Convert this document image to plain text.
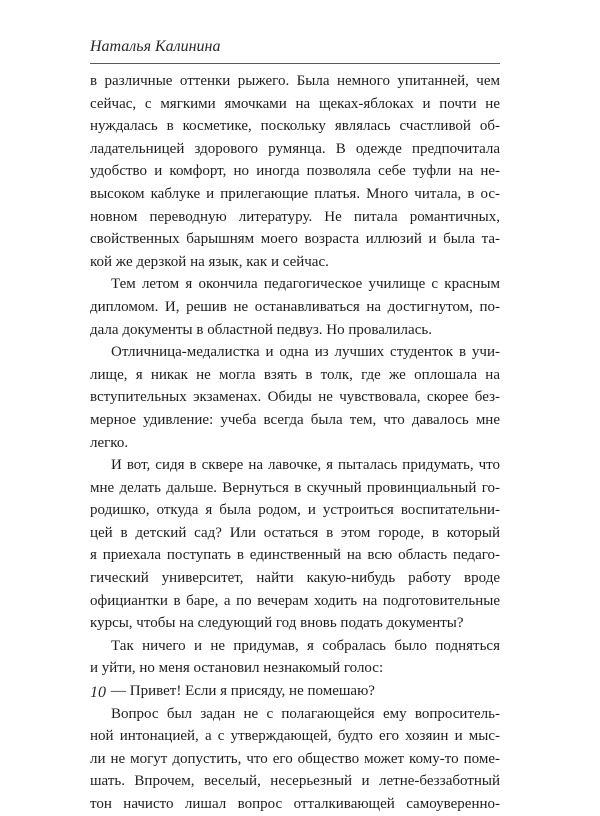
Наталья Калинина
в различные оттенки рыжего. Была немного упитанней, чем
сейчас, с мягкими ямочками на щеках-яблоках и почти не
нуждалась в косметике, поскольку являлась счастливой об-
ладательницей здорового румянца. В одежде предпочитала
удобство и комфорт, но иногда позволяла себе туфли на не-
высоком каблуке и прилегающие платья. Много читала, в ос-
новном переводную литературу. Не питала романтичных,
свойственных барышням моего возраста иллюзий и была та-
кой же дерзкой на язык, как и сейчас.
Тем летом я окончила педагогическое училище с красным
дипломом. И, решив не останавливаться на достигнутом, по-
дала документы в областной педвуз. Но провалилась.
Отличница-медалистка и одна из лучших студенток в учи-
лище, я никак не могла взять в толк, где же оплошала на
вступительных экзаменах. Обиды не чувствовала, скорее без-
мерное удивление: учеба всегда была тем, что давалось мне
легко.
И вот, сидя в сквере на лавочке, я пыталась придумать, что
мне делать дальше. Вернуться в скучный провинциальный го-
родишко, откуда я была родом, и устроиться воспитательни-
цей в детский сад? Или остаться в этом городе, в который
я приехала поступать в единственный на всю область педаго-
гический университет, найти какую-нибудь работу вроде
официантки в баре, а по вечерам ходить на подготовительные
курсы, чтобы на следующий год вновь подать документы?
Так ничего и не придумав, я собралась было подняться
и уйти, но меня остановил незнакомый голос:
— Привет! Если я присяду, не помешаю?
Вопрос был задан не с полагающейся ему вопроситель-
ной интонацией, а с утверждающей, будто его хозяин и мыс-
ли не могут допустить, что его общество может кому-то поме-
шать. Впрочем, веселый, несерьезный и летне-беззаботный
тон начисто лишал вопрос отталкивающей самоуверенно-
10
